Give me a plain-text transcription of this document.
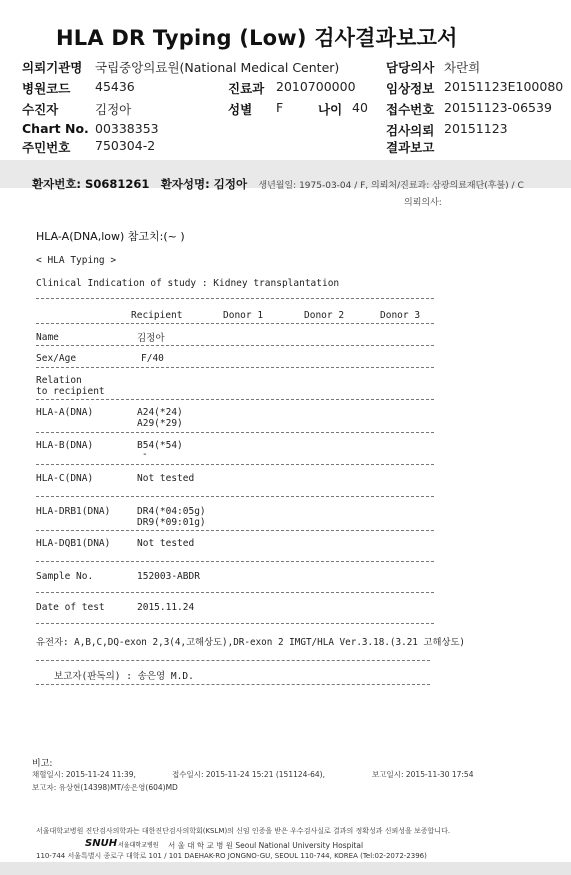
HLA DR Typing (Low) 검사결과보고서
의뢰기관명 국립중앙의료원(National Medical Center)	담당의사 차란희
병원코드 45436	진료과 2010700000 임상정보 20151123E100080
수진자	김정아	성별 F	나이 40 접수번호 20151123-06539
Chart No. 00338353	검사의뢰 20151123
주민번호 750304-2	결과보고
환자번호: S0681261 환자성명: 김정아 생년월일: 1975-03-04 / F, 의뢰처/진료과: 삼광의료재단(후불) / C
의뢰의사:
HLA-A(DNA,low) 참고치:(~ )
< HLA Typing >
Clinical Indication of study : Kidney transplantation
Recipient	Donor 1	Donor 2	Donor 3
Name	김정아
Sex/Age	F/40
Relation
to recipient
HLA-A(DNA)	A24(*24)
A29(*29)
HLA-B(DNA)	B54(*54)
-
HLA-C(DNA)	Not tested
HLA-DRB1(DNA)	DR4(*04:05g)
DR9(*09:01g)
HLA-DQB1(DNA)	Not tested
Sample No.	152003-ABDR
Date of test	2015.11.24
유전자: A,B,C,DQ-exon 2,3(4,고해상도),DR-exon 2 IMGT/HLA Ver.3.18.(3.21 고해상도)
보고자(판독의) : 송은영 M.D.
비고:
채혈일시: 2015-11-24 11:39,	접수일시: 2015-11-24 15:21 (151124-64),	보고일시: 2015-11-30 17:54
보고자: 유상현(14398)MT/송은영(604)MD
서울대학교병원 진단검사의학과는 대한진단검사의학회(KSLM)의 신임 인증을 받은 우수검사실로 결과의 정확성과 신뢰성을 보증합니다.
SNUH 서울대학교병원 서 울 대 학 교 병 원 Seoul National University Hospital
110-744 서울특별시 종로구 대학로 101 / 101 DAEHAK-RO JONGNO-GU, SEOUL 110-744, KOREA (Tel:02-2072-2396)
